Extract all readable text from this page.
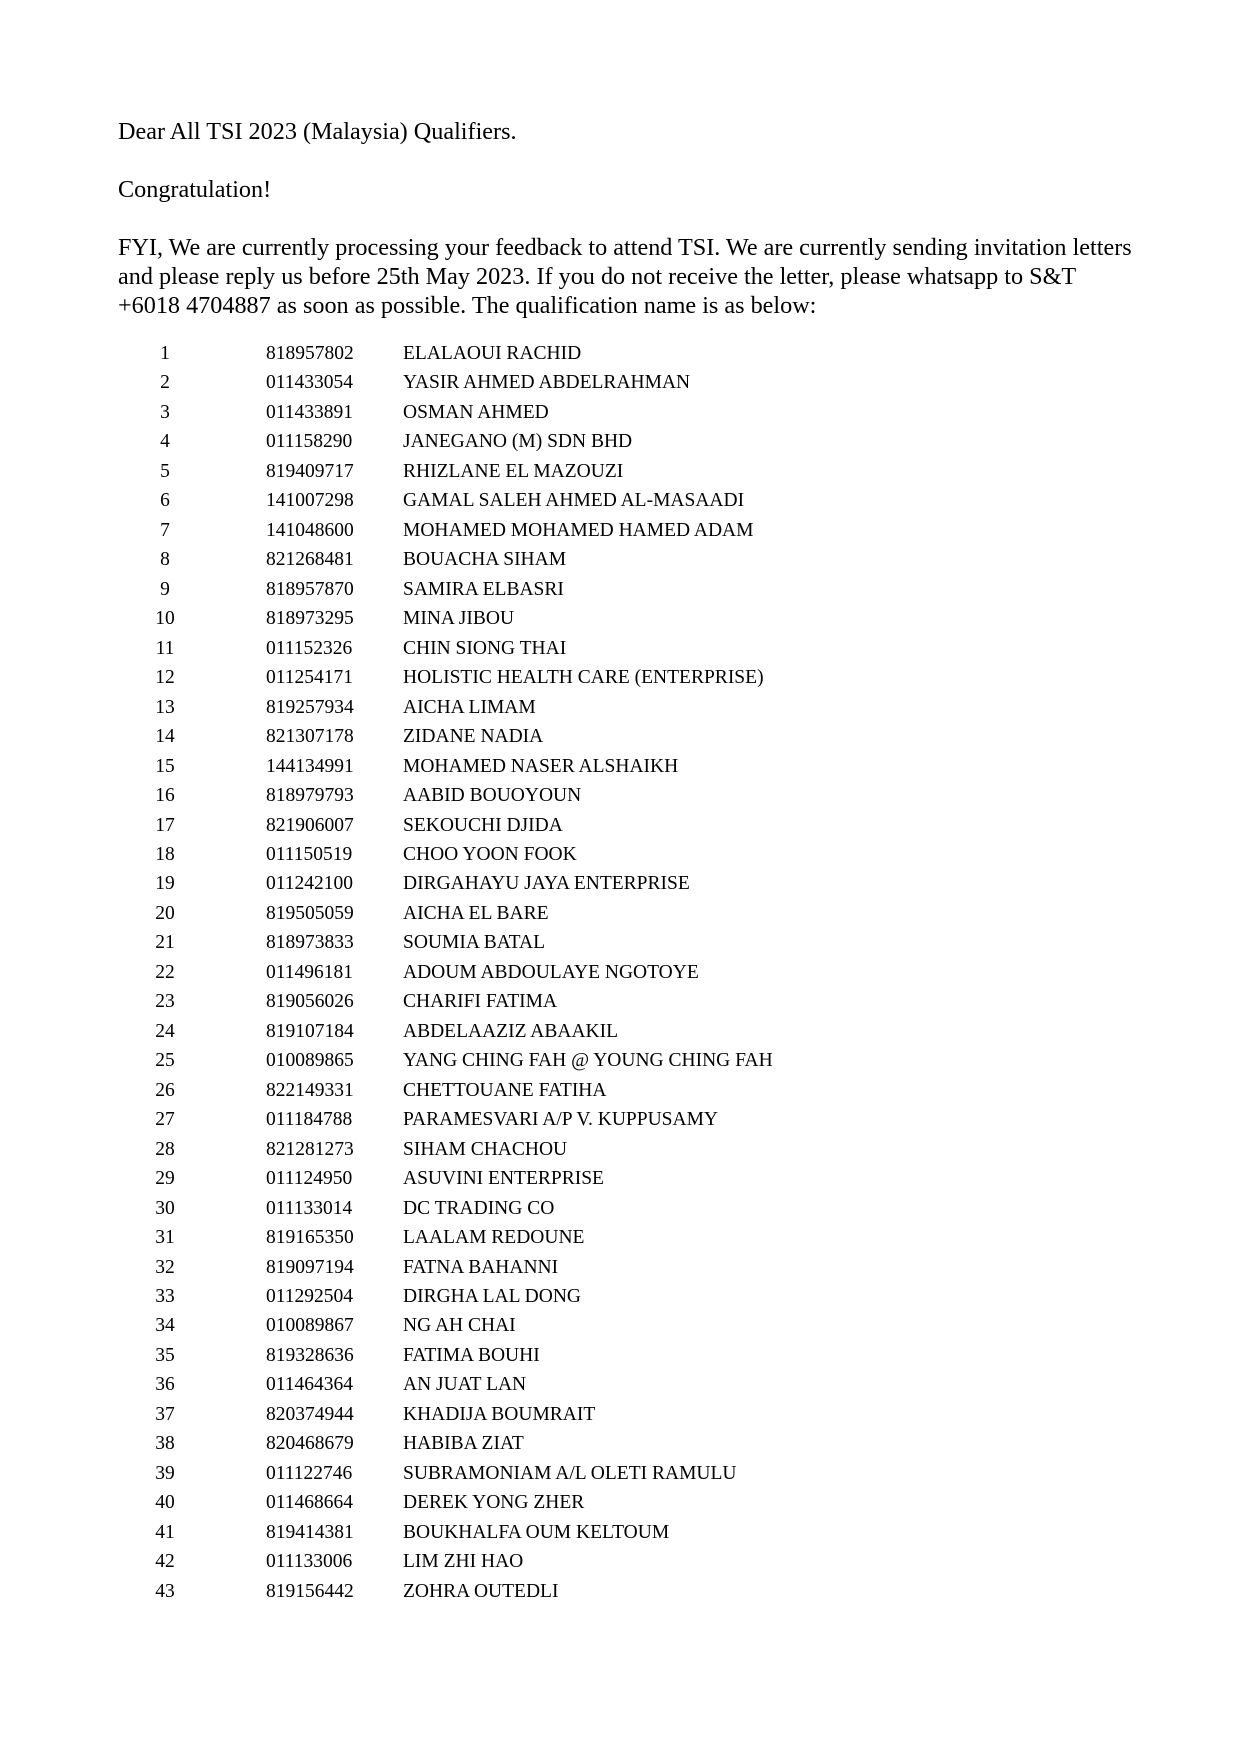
Dear All TSI 2023 (Malaysia) Qualifiers.

Congratulation!

FYI, We are currently processing your feedback to attend TSI. We are currently sending invitation letters and please reply us before 25th May 2023. If you do not receive the letter, please whatsapp to S&T +6018 4704887 as soon as possible. The qualification name is as below:

1	818957802	ELALAOUI RACHID
2	011433054	YASIR AHMED ABDELRAHMAN
3	011433891	OSMAN AHMED
4	011158290	JANEGANO (M) SDN BHD
5	819409717	RHIZLANE EL MAZOUZI
6	141007298	GAMAL SALEH AHMED AL-MASAADI
7	141048600	MOHAMED MOHAMED HAMED ADAM
8	821268481	BOUACHA SIHAM
9	818957870	SAMIRA ELBASRI
10	818973295	MINA JIBOU
11	011152326	CHIN SIONG THAI
12	011254171	HOLISTIC HEALTH CARE (ENTERPRISE)
13	819257934	AICHA LIMAM
14	821307178	ZIDANE NADIA
15	144134991	MOHAMED NASER ALSHAIKH
16	818979793	AABID BOUOYOUN
17	821906007	SEKOUCHI DJIDA
18	011150519	CHOO YOON FOOK
19	011242100	DIRGAHAYU JAYA ENTERPRISE
20	819505059	AICHA EL BARE
21	818973833	SOUMIA BATAL
22	011496181	ADOUM ABDOULAYE NGOTOYE
23	819056026	CHARIFI FATIMA
24	819107184	ABDELAAZIZ ABAAKIL
25	010089865	YANG CHING FAH @ YOUNG CHING FAH
26	822149331	CHETTOUANE FATIHA
27	011184788	PARAMESVARI A/P V. KUPPUSAMY
28	821281273	SIHAM CHACHOU
29	011124950	ASUVINI ENTERPRISE
30	011133014	DC TRADING CO
31	819165350	LAALAM REDOUNE
32	819097194	FATNA BAHANNI
33	011292504	DIRGHA LAL DONG
34	010089867	NG AH CHAI
35	819328636	FATIMA BOUHI
36	011464364	AN JUAT LAN
37	820374944	KHADIJA BOUMRAIT
38	820468679	HABIBA ZIAT
39	011122746	SUBRAMONIAM A/L OLETI RAMULU
40	011468664	DEREK YONG ZHER
41	819414381	BOUKHALFA OUM KELTOUM
42	011133006	LIM ZHI HAO
43	819156442	ZOHRA OUTEDLI
